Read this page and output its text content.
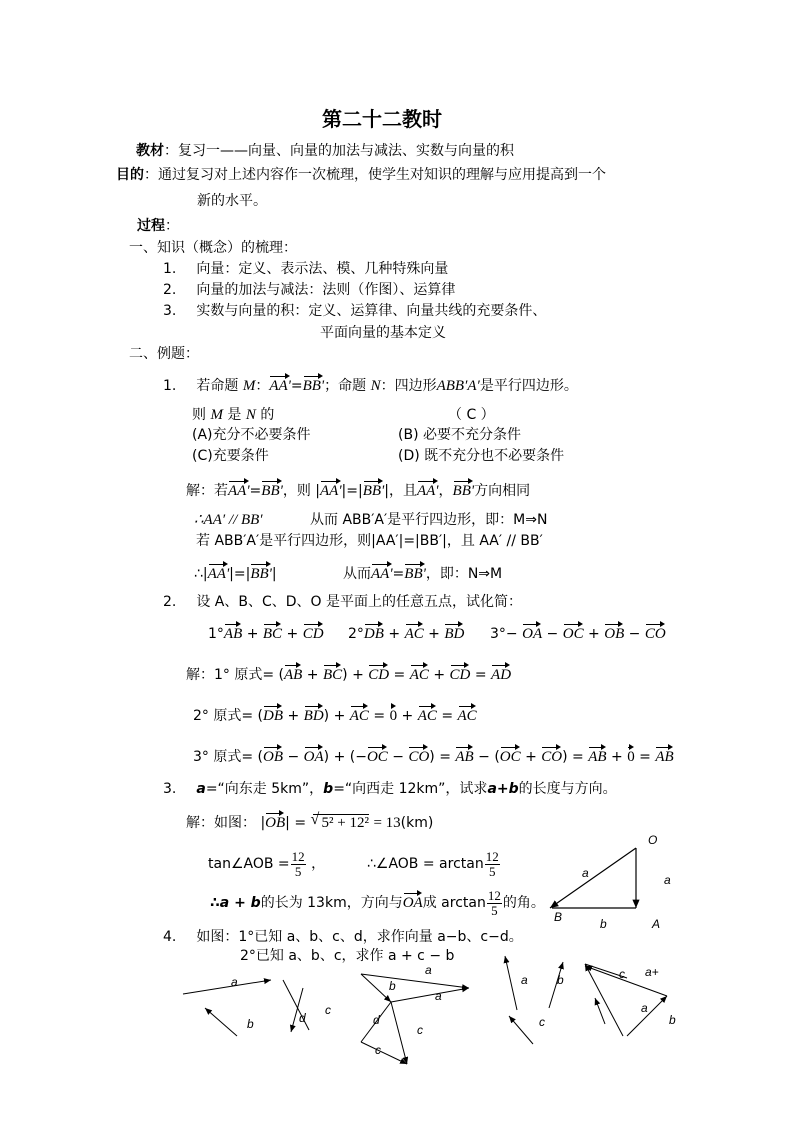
第二十二教时
教材：复习一——向量、向量的加法与减法、实数与向量的积
目的：通过复习对上述内容作一次梳理，使学生对知识的理解与应用提高到一个
新的水平。
过程：
一、知识（概念）的梳理：
1. 向量：定义、表示法、模、几种特殊向量
2. 向量的加法与减法：法则（作图）、运算律
3. 实数与向量的积：定义、运算律、向量共线的充要条件、
平面向量的基本定义
二、例题：
1. 若命题 M：AA'=BB'；命题 N：四边形ABB′A′是平行四边形。
则 M 是 N 的	（ C ）
(A)充分不必要条件	(B) 必要不充分条件
(C)充要条件	(D) 既不充分也不必要条件
解：若AA'=BB'，则 |AA'|=|BB'|，且AA'，BB'方向相同
∴AA′ // BB′	从而 ABB′A′是平行四边形，即：M⇒N
若 ABB′A′是平行四边形，则|AA′|=|BB′|，且 AA′ // BB′
∴|AA'|=|BB'|	从而AA'=BB'，即：N⇒M
2. 设 A、B、C、D、O 是平面上的任意五点，试化简：
1°AB + BC + CD 2°DB + AC + BD 3°− OA − OC + OB − CO
解：1° 原式= (AB + BC) + CD = AC + CD = AD
2° 原式= (DB + BD) + AC = 0 + AC = AC
3° 原式= (OB − OA) + (−OC − CO) = AB − (OC + CO) = AB + 0 = AB
3. a=“向东走 5km”，b=“向西走 12km”，试求a+b的长度与方向。
解：如图： |OB| = √ 5² + 12² = 13(km)
tan∠AOB = $\frac{12}{5}$ ，	∴∠AOB = $\arctan \frac{12}{5}$
∴a + b的长为 13km，方向与OA成 $\arctan \frac{12}{5}$ 的角。
O
a	a
B	b	A
4. 如图：1°已知 a、b、c、d，求作向量 a−b、c−d。
2°已知 a、b、c，求作 a + c − b
a
b	d
c
a
b
a
d
c
c
a
c
b	c a+
a
b
